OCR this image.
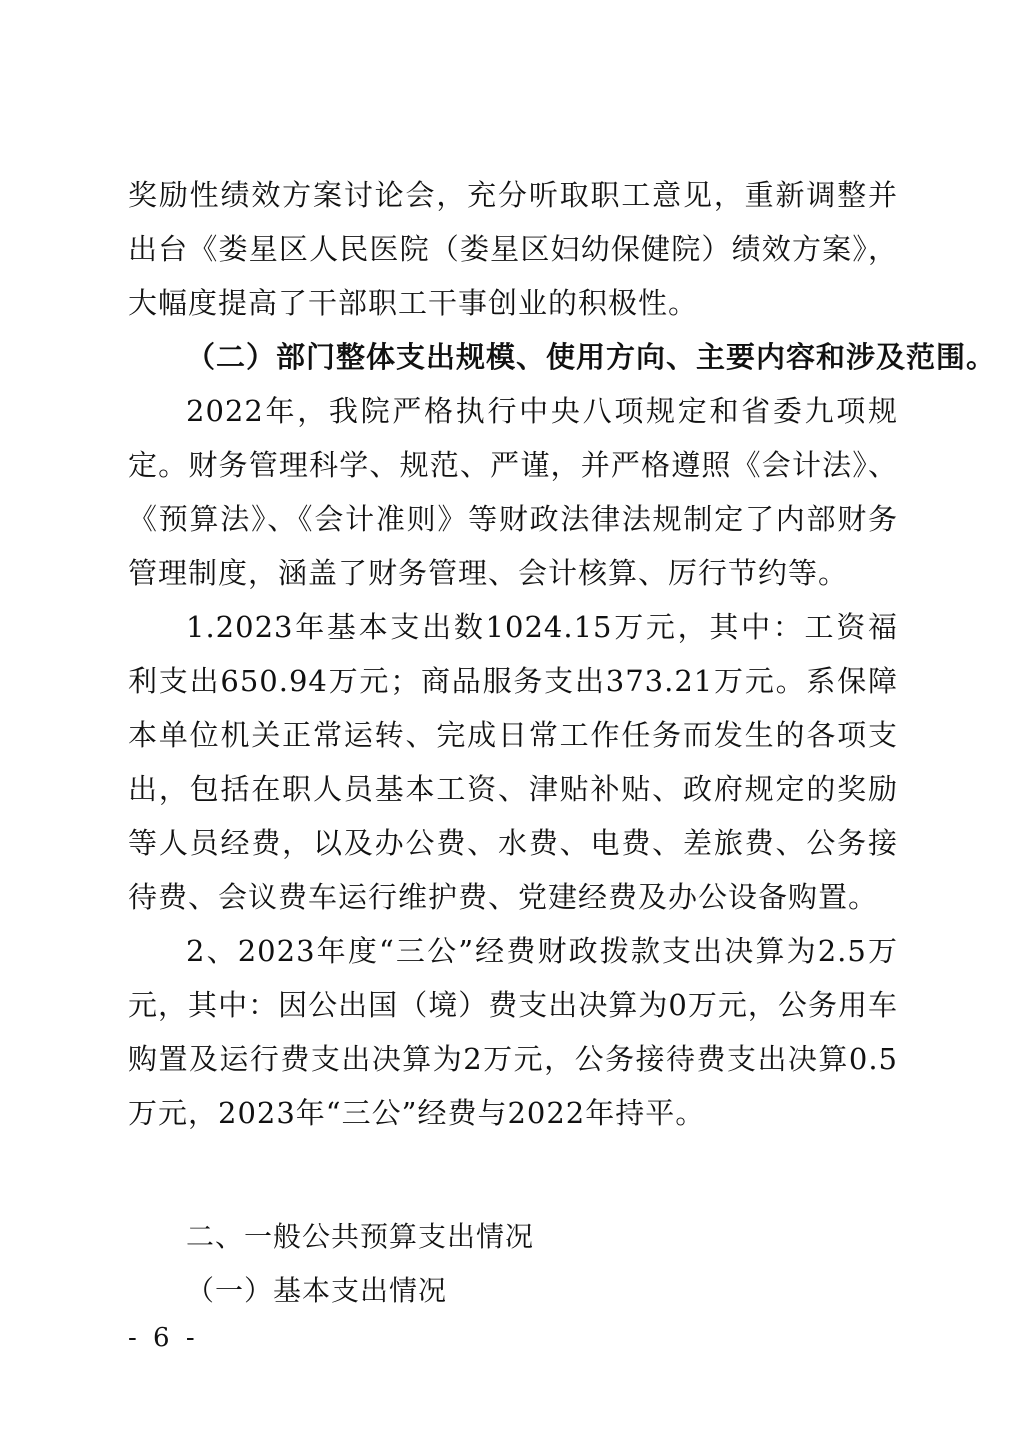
奖励性绩效方案讨论会，充分听取职工意见，重新调整并出台《娄星区人民医院（娄星区妇幼保健院）绩效方案》，大幅度提高了干部职工干事创业的积极性。

（二）部门整体支出规模、使用方向、主要内容和涉及范围。

2022年，我院严格执行中央八项规定和省委九项规定。财务管理科学、规范、严谨，并严格遵照《会计法》、《预算法》、《会计准则》等财政法律法规制定了内部财务管理制度，涵盖了财务管理、会计核算、厉行节约等。

1.2023年基本支出数1024.15万元，其中：工资福利支出650.94万元；商品服务支出373.21万元。系保障本单位机关正常运转、完成日常工作任务而发生的各项支出，包括在职人员基本工资、津贴补贴、政府规定的奖励等人员经费，以及办公费、水费、电费、差旅费、公务接待费、会议费车运行维护费、党建经费及办公设备购置。

2、2023年度“三公”经费财政拨款支出决算为2.5万元，其中：因公出国（境）费支出决算为0万元，公务用车购置及运行费支出决算为2万元，公务接待费支出决算0.5万元，2023年“三公”经费与2022年持平。

二、一般公共预算支出情况

（一）基本支出情况

- 6 -
